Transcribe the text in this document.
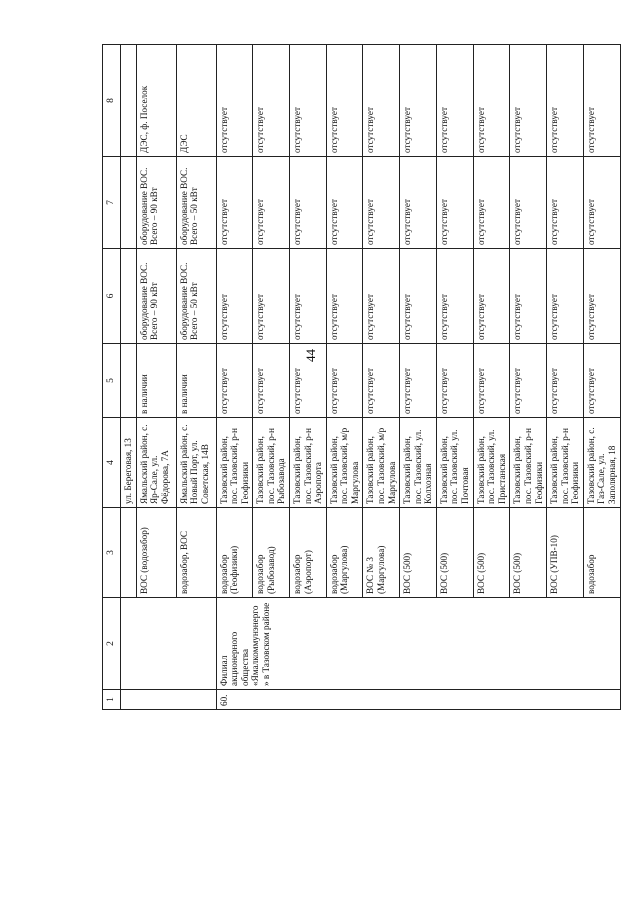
44
1	2	3	4	5	6	7	8
			ул. Береговая, 13				
		ВОС (водозабор)	Ямальский район, с. Яр-Сале, ул. Фёдорова, 7А	в наличии	оборудование ВОС. Всего – 90 кВт	оборудование ВОС. Всего – 90 кВт	ДЭС, ф. Поселок
		водозабор, ВОС	Ямальский район, с. Новый Порт, ул. Советская, 14В	в наличии	оборудование ВОС. Всего – 50 кВт	оборудование ВОС. Всего – 50 кВт	ДЭС
60.	Филиал акционерного общества «Ямалкоммунэнерго» в Тазовском районе	водозабор (Геофизики)	Тазовский район, пос. Тазовский, р-н Геофизики	отсутствует	отсутствует	отсутствует	отсутствует
		водозабор (Рыбозавод)	Тазовский район, пос. Тазовский, р-н Рыбозавода	отсутствует	отсутствует	отсутствует	отсутствует
		водозабор (Аэропорт)	Тазовский район, пос. Тазовский, р-н Аэропорта	отсутствует	отсутствует	отсутствует	отсутствует
		водозабор (Маргулова)	Тазовский район, пос. Тазовский, м/р Маргулова	отсутствует	отсутствует	отсутствует	отсутствует
		ВОС № 3 (Маргулова)	Тазовский район, пос. Тазовский, м/р Маргулова	отсутствует	отсутствует	отсутствует	отсутствует
		ВОС (500)	Тазовский район, пос. Тазовский, ул. Колхозная	отсутствует	отсутствует	отсутствует	отсутствует
		ВОС (500)	Тазовский район, пос. Тазовский, ул. Почтовая	отсутствует	отсутствует	отсутствует	отсутствует
		ВОС (500)	Тазовский район, пос. Тазовский, ул. Пристанская	отсутствует	отсутствует	отсутствует	отсутствует
		ВОС (500)	Тазовский район, пос. Тазовский, р-н Геофизики	отсутствует	отсутствует	отсутствует	отсутствует
		ВОС (УПВ-10)	Тазовский район, пос. Тазовский, р-н Геофизики	отсутствует	отсутствует	отсутствует	отсутствует
		водозабор	Тазовский район, с. Газ-Сале, ул. Заполярная, 18	отсутствует	отсутствует	отсутствует	отсутствует
